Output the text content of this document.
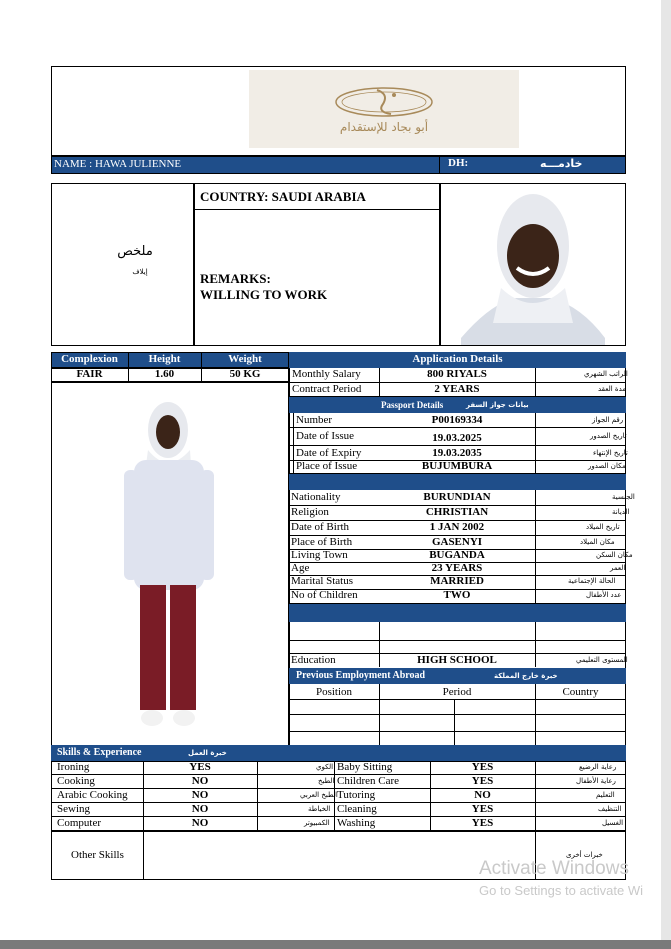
أبو بجاد للإستقدام
NAME : HAWA JULIENNE	DH:	خادمـــه
ملخص
إيلاف
COUNTRY: SAUDI ARABIA
REMARKS:
WILLING TO WORK
Complexion	Height	Weight
FAIR	1.60	50 KG
Application Details
Monthly Salary	800 RIYALS	الراتب الشهري
Contract Period	2 YEARS	مدة العقد
Passport Details	بيانات جواز السفر
Number	P00169334	رقم الجواز
Date of Issue	19.03.2025	تاريخ الصدور
Date of Expiry	19.03.2035	تاريخ الإنتهاء
Place of Issue	BUJUMBURA	مكان الصدور
Nationality	BURUNDIAN	الجنسية
Religion	CHRISTIAN	الديانة
Date of Birth	1 JAN 2002	تاريخ الميلاد
Place of Birth	GASENYI	مكان الميلاد
Living Town	BUGANDA	مكان السكن
Age	23 YEARS	العمر
Marital Status	MARRIED	الحالة الإجتماعية
No of Children	TWO	عدد الأطفال
Education	HIGH SCHOOL	المستوى التعليمي
Previous Employment Abroad	خبرة خارج المملكة
Position	Period	Country
Skills & Experience	خبرة العمل
Ironing	YES	الكوي
Cooking	NO	الطبخ
Arabic Cooking	NO	الطبخ العربي
Sewing	NO	الخياطة
Computer	NO	الكمبيوتر
Baby Sitting	YES	رعاية الرضيع
Children Care	YES	رعاية الأطفال
Tutoring	NO	التعليم
Cleaning	YES	التنظيف
Washing	YES	الغسيل
Other Skills	خبرات أخرى
Activate Windows
Go to Settings to activate Wi
